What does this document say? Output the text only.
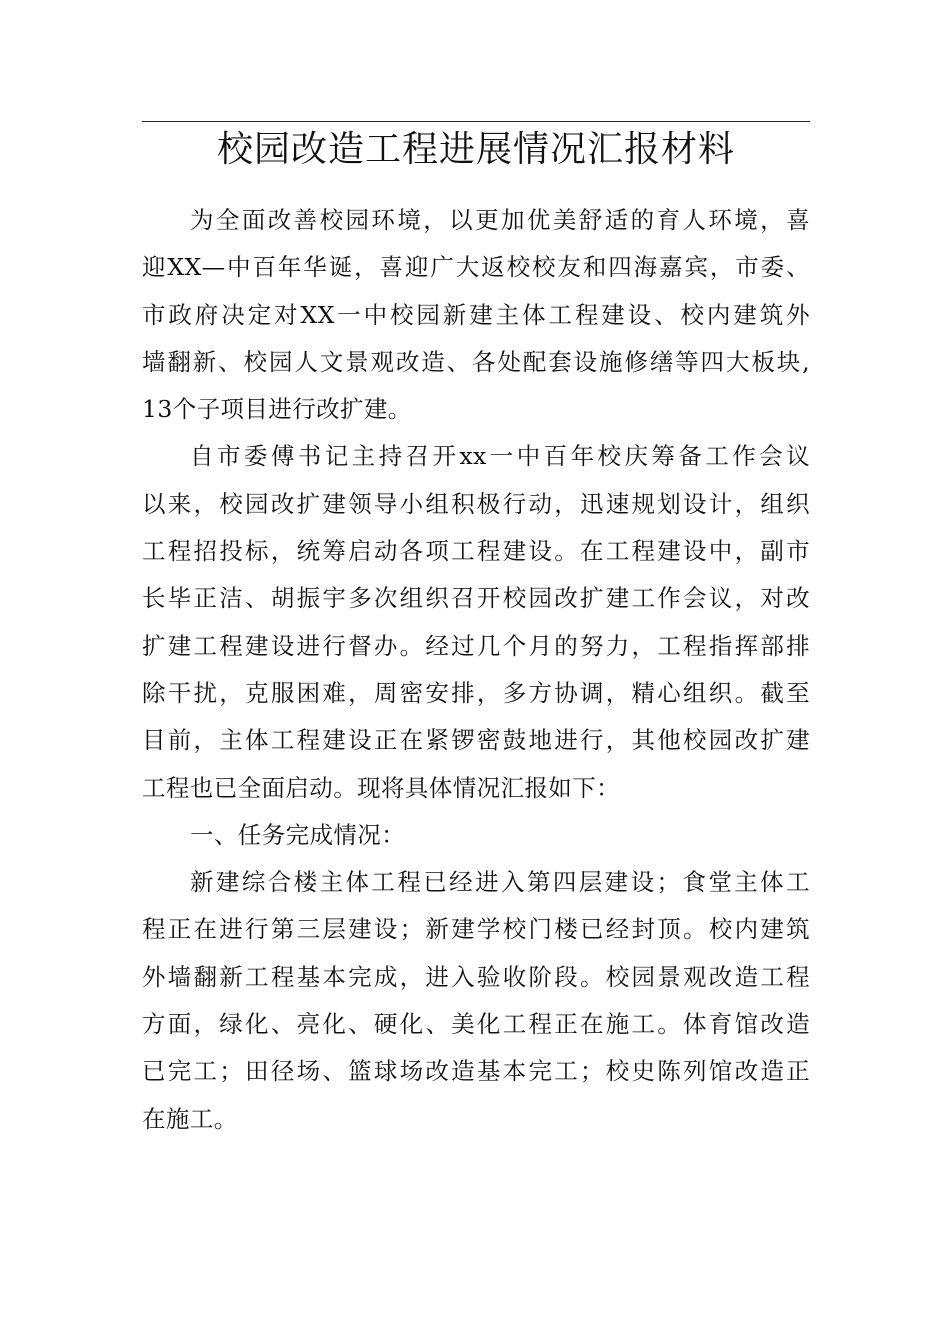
校园改造工程进展情况汇报材料

为全面改善校园环境，以更加优美舒适的育人环境，喜
迎XX—中百年华诞，喜迎广大返校校友和四海嘉宾，市委、
市政府决定对XX一中校园新建主体工程建设、校内建筑外
墙翻新、校园人文景观改造、各处配套设施修缮等四大板块,
13个子项目进行改扩建。

自市委傅书记主持召开xx一中百年校庆筹备工作会议
以来，校园改扩建领导小组积极行动，迅速规划设计，组织
工程招投标，统筹启动各项工程建设。在工程建设中，副市
长毕正洁、胡振宇多次组织召开校园改扩建工作会议，对改
扩建工程建设进行督办。经过几个月的努力，工程指挥部排
除干扰，克服困难，周密安排，多方协调，精心组织。截至
目前，主体工程建设正在紧锣密鼓地进行，其他校园改扩建
工程也已全面启动。现将具体情况汇报如下：

一、任务完成情况：

新建综合楼主体工程已经进入第四层建设；食堂主体工
程正在进行第三层建设；新建学校门楼已经封顶。校内建筑
外墙翻新工程基本完成，进入验收阶段。校园景观改造工程
方面，绿化、亮化、硬化、美化工程正在施工。体育馆改造
已完工；田径场、篮球场改造基本完工；校史陈列馆改造正
在施工。
